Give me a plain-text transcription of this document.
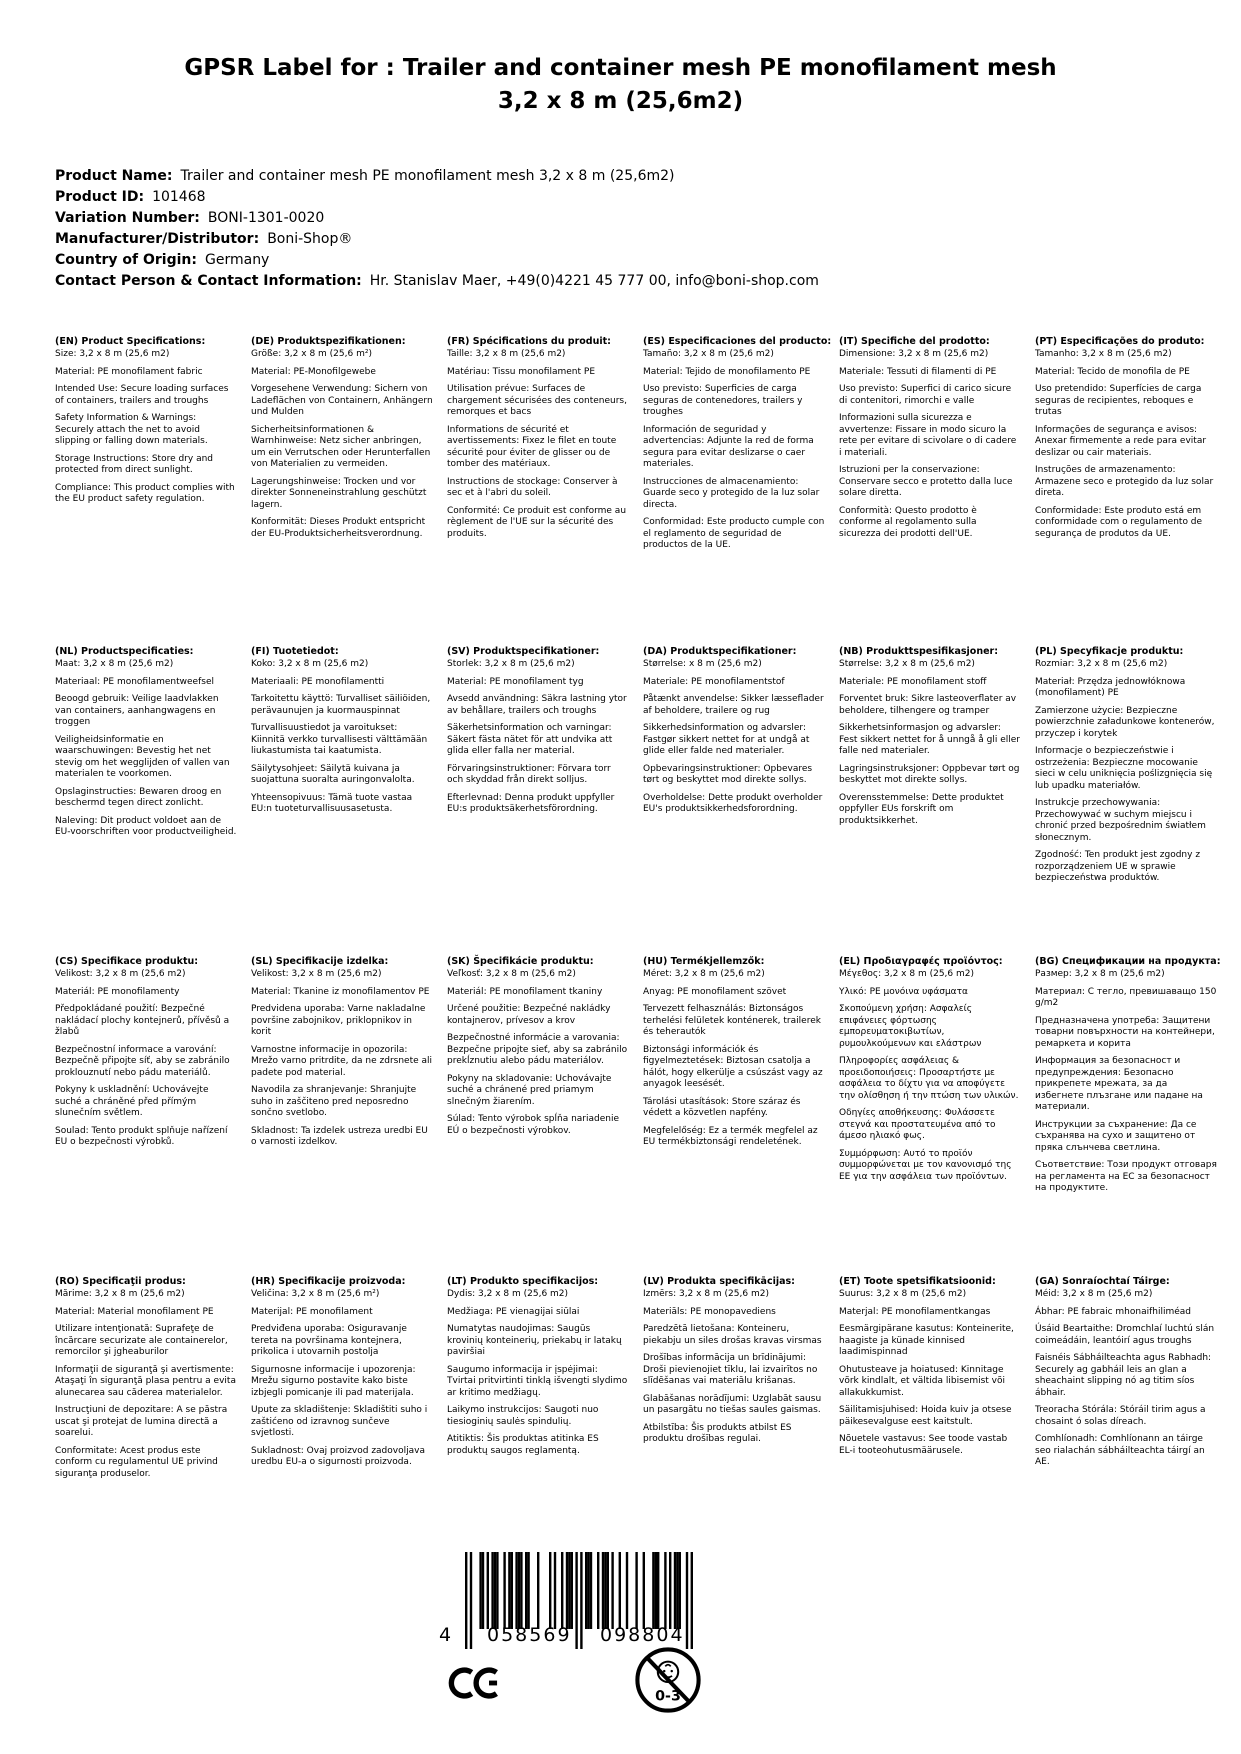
GPSR Label for : Trailer and container mesh PE monofilament mesh
3,2 x 8 m (25,6m2)
Product Name: Trailer and container mesh PE monofilament mesh 3,2 x 8 m (25,6m2)
Product ID: 101468
Variation Number: BONI-1301-0020
Manufacturer/Distributor: Boni-Shop®
Country of Origin: Germany
Contact Person & Contact Information: Hr. Stanislav Maer, +49(0)4221 45 777 00, info@boni-shop.com
(EN) Product Specifications:
Size: 3,2 x 8 m (25,6 m2)
Material: PE monofilament fabric
Intended Use: Secure loading surfaces of containers, trailers and troughs
Safety Information & Warnings: Securely attach the net to avoid slipping or falling down materials.
Storage Instructions: Store dry and protected from direct sunlight.
Compliance: This product complies with the EU product safety regulation.
(DE) Produktspezifikationen:
Größe: 3,2 x 8 m (25,6 m²)
Material: PE-Monofilgewebe
Vorgesehene Verwendung: Sichern von Ladeflächen von Containern, Anhängern und Mulden
Sicherheitsinformationen & Warnhinweise: Netz sicher anbringen, um ein Verrutschen oder Herunterfallen von Materialien zu vermeiden.
Lagerungshinweise: Trocken und vor direkter Sonneneinstrahlung geschützt lagern.
Konformität: Dieses Produkt entspricht der EU-Produktsicherheitsverordnung.
(FR) Spécifications du produit:
Taille: 3,2 x 8 m (25,6 m2)
Matériau: Tissu monofilament PE
Utilisation prévue: Surfaces de chargement sécurisées des conteneurs, remorques et bacs
Informations de sécurité et avertissements: Fixez le filet en toute sécurité pour éviter de glisser ou de tomber des matériaux.
Instructions de stockage: Conserver à sec et à l'abri du soleil.
Conformité: Ce produit est conforme au règlement de l'UE sur la sécurité des produits.
(ES) Especificaciones del producto:
Tamaño: 3,2 x 8 m (25,6 m2)
Material: Tejido de monofilamento PE
Uso previsto: Superficies de carga seguras de contenedores, trailers y troughes
Información de seguridad y advertencias: Adjunte la red de forma segura para evitar deslizarse o caer materiales.
Instrucciones de almacenamiento: Guarde seco y protegido de la luz solar directa.
Conformidad: Este producto cumple con el reglamento de seguridad de productos de la UE.
(IT) Specifiche del prodotto:
Dimensione: 3,2 x 8 m (25,6 m2)
Materiale: Tessuti di filamenti di PE
Uso previsto: Superfici di carico sicure di contenitori, rimorchi e valle
Informazioni sulla sicurezza e avvertenze: Fissare in modo sicuro la rete per evitare di scivolare o di cadere i materiali.
Istruzioni per la conservazione: Conservare secco e protetto dalla luce solare diretta.
Conformità: Questo prodotto è conforme al regolamento sulla sicurezza dei prodotti dell'UE.
(PT) Especificações do produto:
Tamanho: 3,2 x 8 m (25,6 m2)
Material: Tecido de monofila de PE
Uso pretendido: Superfícies de carga seguras de recipientes, reboques e trutas
Informações de segurança e avisos: Anexar firmemente a rede para evitar deslizar ou cair materiais.
Instruções de armazenamento: Armazene seco e protegido da luz solar direta.
Conformidade: Este produto está em conformidade com o regulamento de segurança de produtos da UE.
(NL) Productspecificaties:
Maat: 3,2 x 8 m (25,6 m2)
Materiaal: PE monofilamentweefsel
Beoogd gebruik: Veilige laadvlakken van containers, aanhangwagens en troggen
Veiligheidsinformatie en waarschuwingen: Bevestig het net stevig om het wegglijden of vallen van materialen te voorkomen.
Opslaginstructies: Bewaren droog en beschermd tegen direct zonlicht.
Naleving: Dit product voldoet aan de EU-voorschriften voor productveiligheid.
(FI) Tuotetiedot:
Koko: 3,2 x 8 m (25,6 m2)
Materiaali: PE monofilamentti
Tarkoitettu käyttö: Turvalliset säiliöiden, perävaunujen ja kuormauspinnat
Turvallisuustiedot ja varoitukset: Kiinnitä verkko turvallisesti välttämään liukastumista tai kaatumista.
Säilytysohjeet: Säilytä kuivana ja suojattuna suoralta auringonvalolta.
Yhteensopivuus: Tämä tuote vastaa EU:n tuoteturvallisuusasetusta.
(SV) Produktspecifikationer:
Storlek: 3,2 x 8 m (25,6 m2)
Material: PE monofilament tyg
Avsedd användning: Säkra lastning ytor av behållare, trailers och troughs
Säkerhetsinformation och varningar: Säkert fästa nätet för att undvika att glida eller falla ner material.
Förvaringsinstruktioner: Förvara torr och skyddad från direkt solljus.
Efterlevnad: Denna produkt uppfyller EU:s produktsäkerhetsförordning.
(DA) Produktspecifikationer:
Størrelse: x 8 m (25,6 m2)
Materiale: PE monofilamentstof
Påtænkt anvendelse: Sikker læsseflader af beholdere, trailere og rug
Sikkerhedsinformation og advarsler: Fastgør sikkert nettet for at undgå at glide eller falde ned materialer.
Opbevaringsinstruktioner: Opbevares tørt og beskyttet mod direkte sollys.
Overholdelse: Dette produkt overholder EU's produktsikkerhedsforordning.
(NB) Produkttspesifikasjoner:
Størrelse: 3,2 x 8 m (25,6 m2)
Materiale: PE monofilament stoff
Forventet bruk: Sikre lasteoverflater av beholdere, tilhengere og tramper
Sikkerhetsinformasjon og advarsler: Fest sikkert nettet for å unngå å gli eller falle ned materialer.
Lagringsinstruksjoner: Oppbevar tørt og beskyttet mot direkte sollys.
Overensstemmelse: Dette produktet oppfyller EUs forskrift om produktsikkerhet.
(PL) Specyfikacje produktu:
Rozmiar: 3,2 x 8 m (25,6 m2)
Materiał: Przędza jednowłóknowa (monofilament) PE
Zamierzone użycie: Bezpieczne powierzchnie załadunkowe kontenerów, przyczep i korytek
Informacje o bezpieczeństwie i ostrzeżenia: Bezpieczne mocowanie sieci w celu uniknięcia poślizgnięcia się lub upadku materiałów.
Instrukcje przechowywania: Przechowywać w suchym miejscu i chronić przed bezpośrednim światłem słonecznym.
Zgodność: Ten produkt jest zgodny z rozporządzeniem UE w sprawie bezpieczeństwa produktów.
(CS) Specifikace produktu:
Velikost: 3,2 x 8 m (25,6 m2)
Materiál: PE monofilamenty
Předpokládané použití: Bezpečné nakládací plochy kontejnerů, přívěsů a žlabů
Bezpečnostní informace a varování: Bezpečně připojte síť, aby se zabránilo proklouznutí nebo pádu materiálů.
Pokyny k uskladnění: Uchovávejte suché a chráněné před přímým slunečním světlem.
Soulad: Tento produkt splňuje nařízení EU o bezpečnosti výrobků.
(SL) Specifikacije izdelka:
Velikost: 3,2 x 8 m (25,6 m2)
Material: Tkanine iz monofilamentov PE
Predvidena uporaba: Varne nakladalne površine zabojnikov, priklopnikov in korit
Varnostne informacije in opozorila: Mrežo varno pritrdite, da ne zdrsnete ali padete pod material.
Navodila za shranjevanje: Shranjujte suho in zaščiteno pred neposredno sončno svetlobo.
Skladnost: Ta izdelek ustreza uredbi EU o varnosti izdelkov.
(SK) Špecifikácie produktu:
Veľkosť: 3,2 x 8 m (25,6 m2)
Materiál: PE monofilament tkaniny
Určené použitie: Bezpečné nakládky kontajnerov, prívesov a krov
Bezpečnostné informácie a varovania: Bezpečne pripojte sieť, aby sa zabránilo prekĺznutiu alebo pádu materiálov.
Pokyny na skladovanie: Uchovávajte suché a chránené pred priamym slnečným žiarením.
Súlad: Tento výrobok spĺňa nariadenie EÚ o bezpečnosti výrobkov.
(HU) Termékjellemzők:
Méret: 3,2 x 8 m (25,6 m2)
Anyag: PE monofilament szövet
Tervezett felhasználás: Biztonságos terhelési felületek konténerek, trailerek és teherautók
Biztonsági információk és figyelmeztetések: Biztosan csatolja a hálót, hogy elkerülje a csúszást vagy az anyagok leesését.
Tárolási utasítások: Store száraz és védett a közvetlen napfény.
Megfelelőség: Ez a termék megfelel az EU termékbiztonsági rendeletének.
(EL) Προδιαγραφές προϊόντος:
Μέγεθος: 3,2 x 8 m (25,6 m2)
Υλικό: PE μονόινα υφάσματα
Σκοπούμενη χρήση: Ασφαλείς επιφάνειες φόρτωσης εμπορευματοκιβωτίων, ρυμουλκούμενων και ελάστρων
Πληροφορίες ασφάλειας & προειδοποιήσεις: Προσαρτήστε με ασφάλεια το δίχτυ για να αποφύγετε την ολίσθηση ή την πτώση των υλικών.
Οδηγίες αποθήκευσης: Φυλάσσετε στεγνά και προστατευμένα από το άμεσο ηλιακό φως.
Συμμόρφωση: Αυτό το προϊόν συμμορφώνεται με τον κανονισμό της ΕΕ για την ασφάλεια των προϊόντων.
(BG) Спецификации на продукта:
Размер: 3,2 x 8 m (25,6 m2)
Материал: С тегло, превишаващо 150 g/m2
Предназначена употреба: Защитени товарни повърхности на контейнери, ремаркета и корита
Информация за безопасност и предупреждения: Безопасно прикрепете мрежата, за да избегнете плъзгане или падане на материали.
Инструкции за съхранение: Да се съхранява на сухо и защитено от пряка слънчева светлина.
Съответствие: Този продукт отговаря на регламента на ЕС за безопасност на продуктите.
(RO) Specificaţii produs:
Mărime: 3,2 x 8 m (25,6 m2)
Material: Material monofilament PE
Utilizare intenţionată: Suprafeţe de încărcare securizate ale containerelor, remorcilor şi jgheaburilor
Informaţii de siguranţă şi avertismente: Ataşaţi în siguranţă plasa pentru a evita alunecarea sau căderea materialelor.
Instrucţiuni de depozitare: A se păstra uscat şi protejat de lumina directă a soarelui.
Conformitate: Acest produs este conform cu regulamentul UE privind siguranţa produselor.
(HR) Specifikacije proizvoda:
Veličina: 3,2 x 8 m (25,6 m²)
Materijal: PE monofilament
Predviđena uporaba: Osiguravanje tereta na površinama kontejnera, prikolica i utovarnih postolja
Sigurnosne informacije i upozorenja: Mrežu sigurno postavite kako biste izbjegli pomicanje ili pad materijala.
Upute za skladištenje: Skladištiti suho i zaštićeno od izravnog sunčeve svjetlosti.
Sukladnost: Ovaj proizvod zadovoljava uredbu EU-a o sigurnosti proizvoda.
(LT) Produkto specifikacijos:
Dydis: 3,2 x 8 m (25,6 m2)
Medžiaga: PE vienagijai siūlai
Numatytas naudojimas: Saugūs krovinių konteinerių, priekabų ir latakų paviršiai
Saugumo informacija ir įspėjimai: Tvirtai pritvirtinti tinklą išvengti slydimo ar kritimo medžiagų.
Laikymo instrukcijos: Saugoti nuo tiesioginių saulės spindulių.
Atitiktis: Šis produktas atitinka ES produktų saugos reglamentą.
(LV) Produkta specifikācijas:
Izmērs: 3,2 x 8 m (25,6 m2)
Materiāls: PE monopavediens
Paredzētā lietošana: Konteineru, piekabju un siles drošas kravas virsmas
Drošības informācija un brīdinājumi: Droši pievienojiet tīklu, lai izvairītos no slīdēšanas vai materiālu krišanas.
Glabāšanas norādījumi: Uzglabāt sausu un pasargātu no tiešas saules gaismas.
Atbilstība: Šis produkts atbilst ES produktu drošības regulai.
(ET) Toote spetsifikatsioonid:
Suurus: 3,2 x 8 m (25,6 m2)
Materjal: PE monofilamentkangas
Eesmärgipärane kasutus: Konteinerite, haagiste ja künade kinnised laadimispinnad
Ohutusteave ja hoiatused: Kinnitage võrk kindlalt, et vältida libisemist või allakukkumist.
Säilitamisjuhised: Hoida kuiv ja otsese päikesevalguse eest kaitstult.
Nõuetele vastavus: See toode vastab EL-i tooteohutusmäärusele.
(GA) Sonraíochtaí Táirge:
Méid: 3,2 x 8 m (25,6 m2)
Ábhar: PE fabraic mhonaifhiliméad
Úsáid Beartaithe: Dromchlaí luchtú slán coimeádáin, leantóirí agus troughs
Faisnéis Sábháilteachta agus Rabhadh: Securely ag gabháil leis an glan a sheachaint slipping nó ag titim síos ábhair.
Treoracha Stórála: Stóráil tirim agus a chosaint ó solas díreach.
Comhlíonadh: Comhlíonann an táirge seo rialachán sábháilteachta táirgí an AE.
4 058569 098804
0-3
